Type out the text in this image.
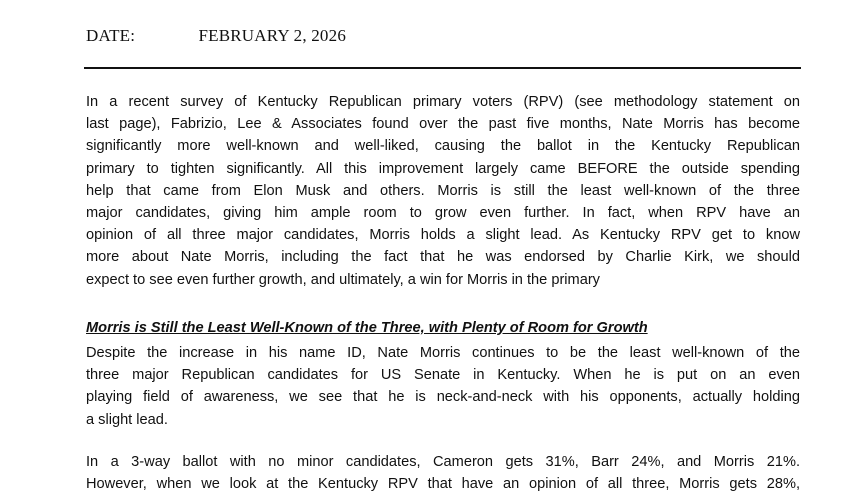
DATE:	FEBRUARY 2, 2026

In a recent survey of Kentucky Republican primary voters (RPV) (see methodology statement on
last page), Fabrizio, Lee & Associates found over the past five months, Nate Morris has become
significantly more well-known and well-liked, causing the ballot in the Kentucky Republican
primary to tighten significantly. All this improvement largely came BEFORE the outside spending
help that came from Elon Musk and others. Morris is still the least well-known of the three
major candidates, giving him ample room to grow even further. In fact, when RPV have an
opinion of all three major candidates, Morris holds a slight lead. As Kentucky RPV get to know
more about Nate Morris, including the fact that he was endorsed by Charlie Kirk, we should
expect to see even further growth, and ultimately, a win for Morris in the primary

Morris is Still the Least Well-Known of the Three, with Plenty of Room for Growth

Despite the increase in his name ID, Nate Morris continues to be the least well-known of the
three major Republican candidates for US Senate in Kentucky. When he is put on an even
playing field of awareness, we see that he is neck-and-neck with his opponents, actually holding
a slight lead.

In a 3-way ballot with no minor candidates, Cameron gets 31%, Barr 24%, and Morris 21%.
However, when we look at the Kentucky RPV that have an opinion of all three, Morris gets 28%,
